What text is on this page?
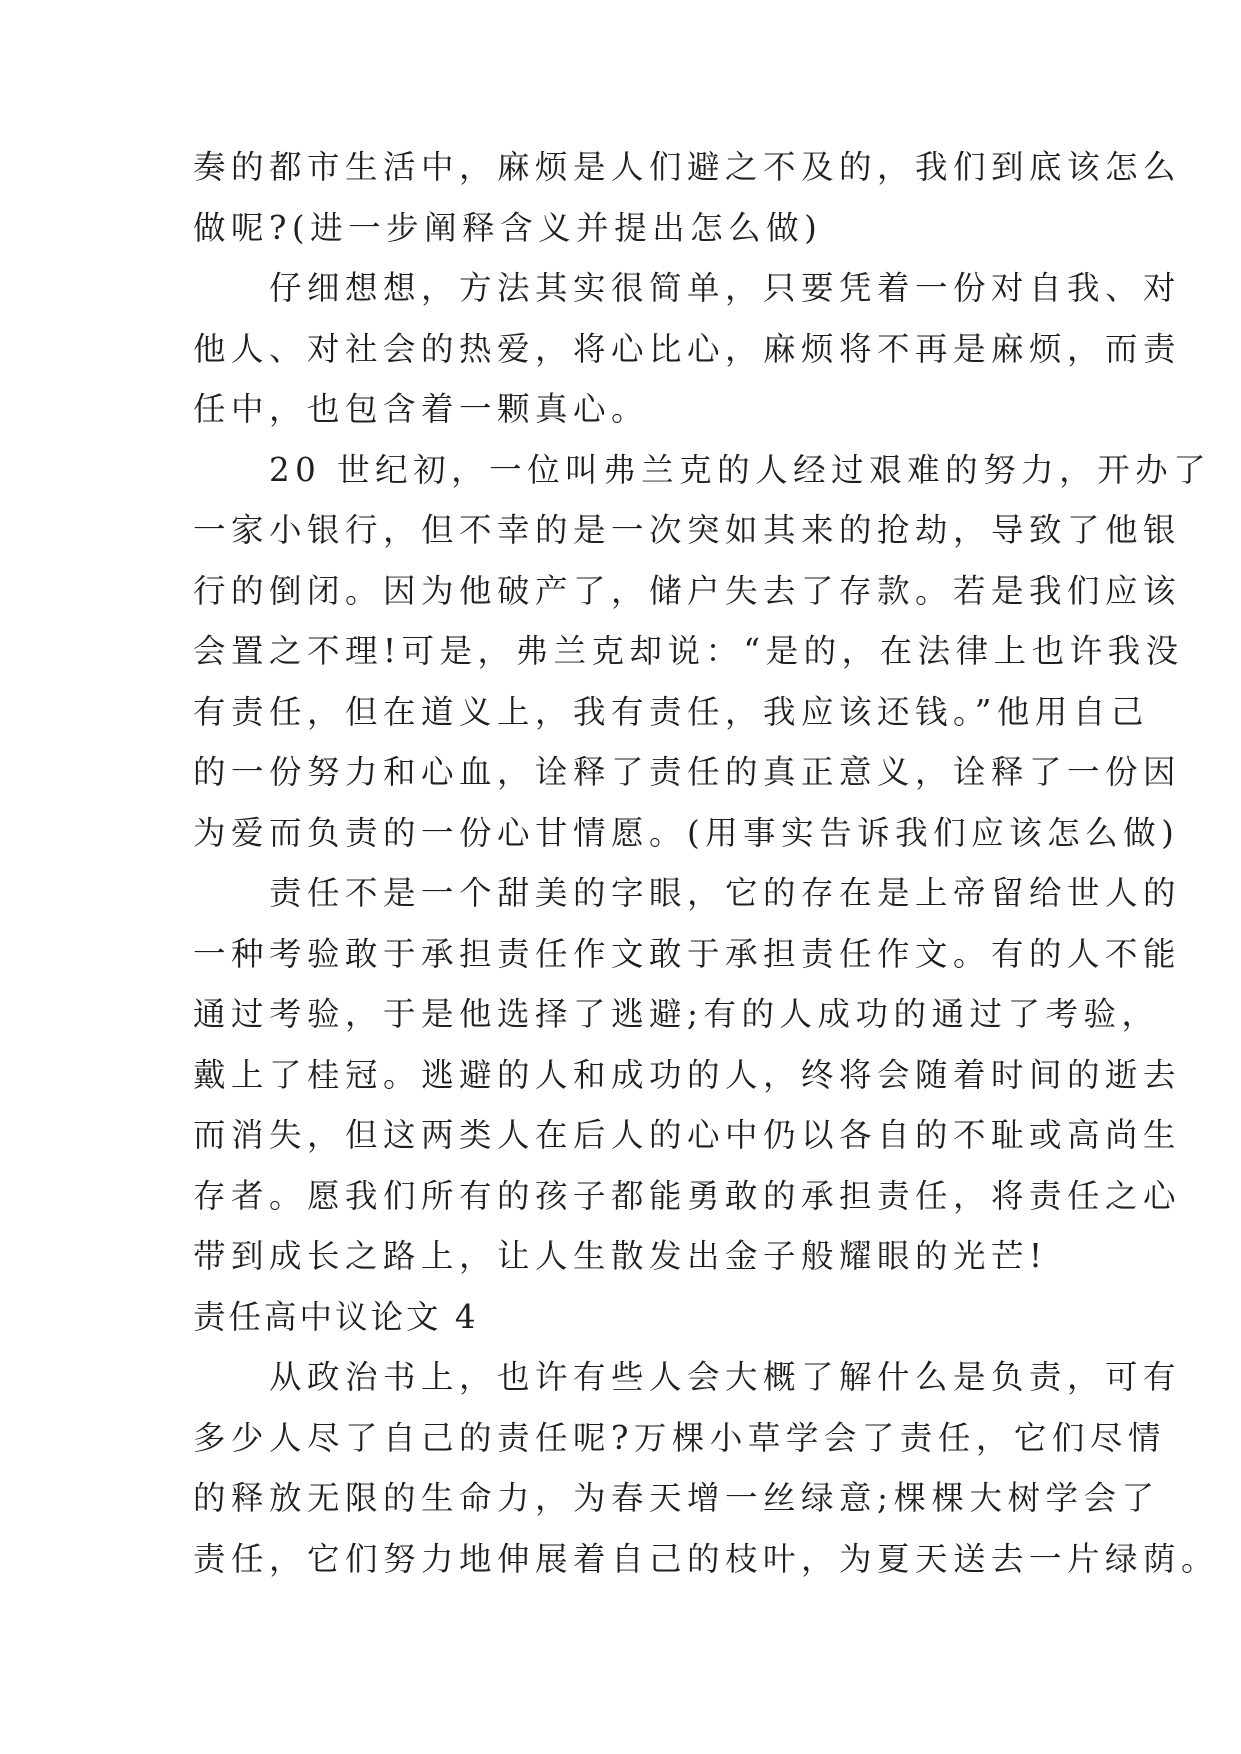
奏的都市生活中，麻烦是人们避之不及的，我们到底该怎么
做呢?(进一步阐释含义并提出怎么做)
　　仔细想想，方法其实很简单，只要凭着一份对自我、对
他人、对社会的热爱，将心比心，麻烦将不再是麻烦，而责
任中，也包含着一颗真心。
　　20 世纪初，一位叫弗兰克的人经过艰难的努力，开办了
一家小银行，但不幸的是一次突如其来的抢劫，导致了他银
行的倒闭。因为他破产了，储户失去了存款。若是我们应该
会置之不理!可是，弗兰克却说：“是的，在法律上也许我没
有责任，但在道义上，我有责任，我应该还钱。”他用自己
的一份努力和心血，诠释了责任的真正意义，诠释了一份因
为爱而负责的一份心甘情愿。(用事实告诉我们应该怎么做)
　　责任不是一个甜美的字眼，它的存在是上帝留给世人的
一种考验敢于承担责任作文敢于承担责任作文。有的人不能
通过考验，于是他选择了逃避;有的人成功的通过了考验，
戴上了桂冠。逃避的人和成功的人，终将会随着时间的逝去
而消失，但这两类人在后人的心中仍以各自的不耻或高尚生
存者。愿我们所有的孩子都能勇敢的承担责任，将责任之心
带到成长之路上，让人生散发出金子般耀眼的光芒!
责任高中议论文 4
　　从政治书上，也许有些人会大概了解什么是负责，可有
多少人尽了自己的责任呢?万棵小草学会了责任，它们尽情
的释放无限的生命力，为春天增一丝绿意;棵棵大树学会了
责任，它们努力地伸展着自己的枝叶，为夏天送去一片绿荫。
